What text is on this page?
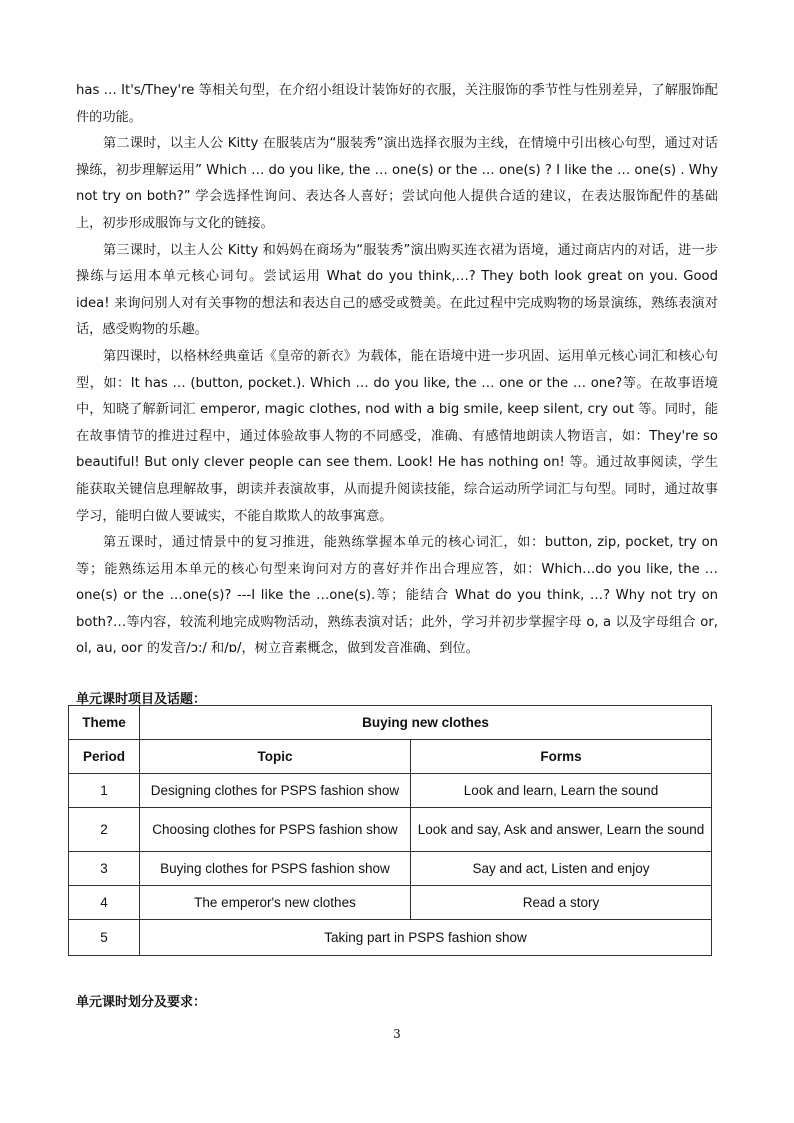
has … It's/They're 等相关句型，在介绍小组设计装饰好的衣服，关注服饰的季节性与性别差异，了解服饰配件的功能。

第二课时，以主人公 Kitty 在服装店为“服装秀”演出选择衣服为主线，在情境中引出核心句型，通过对话操练，初步理解运用” Which … do you like, the … one(s) or the … one(s) ? I like the … one(s) . Why not try on both?” 学会选择性询问、表达各人喜好；尝试向他人提供合适的建议，在表达服饰配件的基础上，初步形成服饰与文化的链接。

第三课时，以主人公 Kitty 和妈妈在商场为“服装秀”演出购买连衣裙为语境，通过商店内的对话，进一步操练与运用本单元核心词句。尝试运用 What do you think,…? They both look great on you. Good idea! 来询问别人对有关事物的想法和表达自己的感受或赞美。在此过程中完成购物的场景演练，熟练表演对话，感受购物的乐趣。

第四课时，以格林经典童话《皇帝的新衣》为载体，能在语境中进一步巩固、运用单元核心词汇和核心句型，如：It has … (button, pocket.). Which … do you like, the … one or the … one?等。在故事语境中，知晓了解新词汇 emperor, magic clothes, nod with a big smile, keep silent, cry out 等。同时，能在故事情节的推进过程中，通过体验故事人物的不同感受，准确、有感情地朗读人物语言，如：They're so beautiful! But only clever people can see them. Look! He has nothing on! 等。通过故事阅读，学生能获取关键信息理解故事，朗读并表演故事，从而提升阅读技能，综合运动所学词汇与句型。同时，通过故事学习，能明白做人要诚实，不能自欺欺人的故事寓意。

第五课时，通过情景中的复习推进，能熟练掌握本单元的核心词汇，如：button, zip, pocket, try on 等；能熟练运用本单元的核心句型来询问对方的喜好并作出合理应答，如：Which…do you like, the …one(s) or the …one(s)? ---I like the …one(s).等；能结合 What do you think, …? Why not try on both?…等内容，较流利地完成购物活动，熟练表演对话；此外，学习并初步掌握字母 o, a 以及字母组合 or, ol, au, oor 的发音/ɔ:/ 和/ɒ/，树立音素概念，做到发音准确、到位。

单元课时项目及话题：
Theme	Buying new clothes	
Period	Topic	Forms
1	Designing clothes for PSPS fashion show	Look and learn, Learn the sound
2	Choosing clothes for PSPS fashion show	Look and say, Ask and answer, Learn the sound
3	Buying clothes for PSPS fashion show	Say and act, Listen and enjoy
4	The emperor's new clothes	Read a story
5	Taking part in PSPS fashion show	
单元课时划分及要求：
3
